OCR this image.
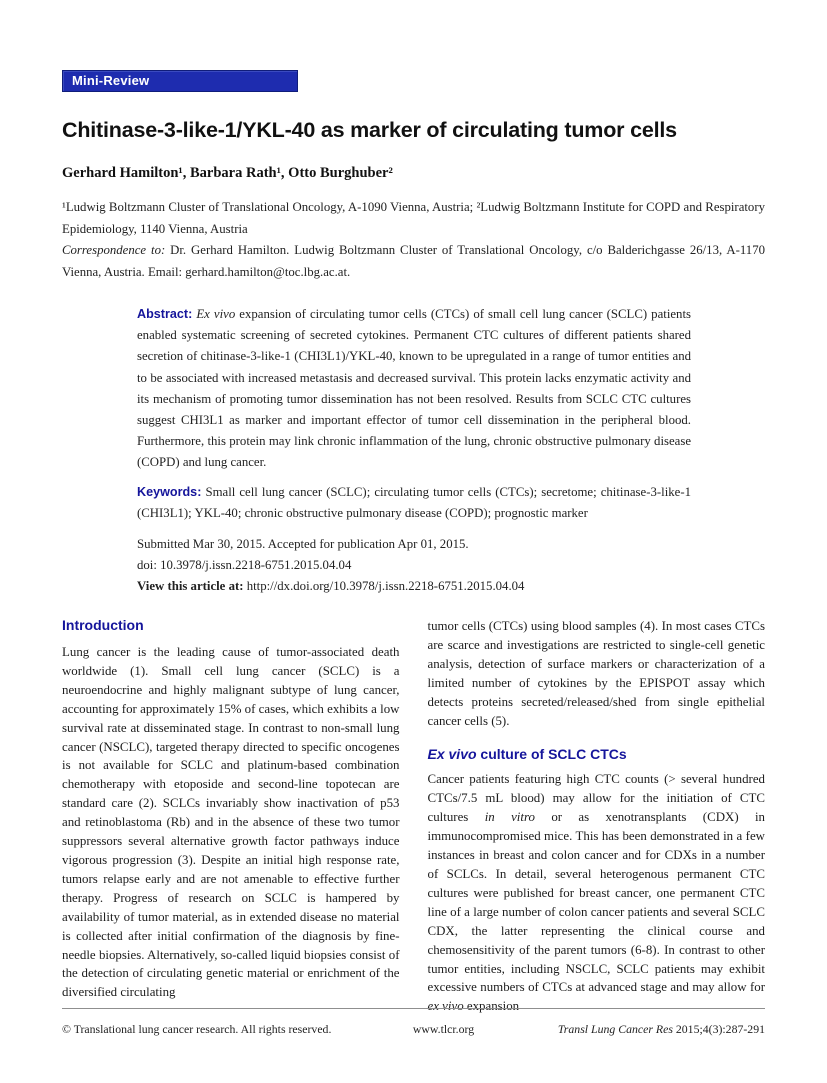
Mini-Review
Chitinase-3-like-1/YKL-40 as marker of circulating tumor cells
Gerhard Hamilton¹, Barbara Rath¹, Otto Burghuber²
¹Ludwig Boltzmann Cluster of Translational Oncology, A-1090 Vienna, Austria; ²Ludwig Boltzmann Institute for COPD and Respiratory Epidemiology, 1140 Vienna, Austria
Correspondence to: Dr. Gerhard Hamilton. Ludwig Boltzmann Cluster of Translational Oncology, c/o Balderichgasse 26/13, A-1170 Vienna, Austria. Email: gerhard.hamilton@toc.lbg.ac.at.

Abstract: Ex vivo expansion of circulating tumor cells (CTCs) of small cell lung cancer (SCLC) patients enabled systematic screening of secreted cytokines. Permanent CTC cultures of different patients shared secretion of chitinase-3-like-1 (CHI3L1)/YKL-40, known to be upregulated in a range of tumor entities and to be associated with increased metastasis and decreased survival. This protein lacks enzymatic activity and its mechanism of promoting tumor dissemination has not been resolved. Results from SCLC CTC cultures suggest CHI3L1 as marker and important effector of tumor cell dissemination in the peripheral blood. Furthermore, this protein may link chronic inflammation of the lung, chronic obstructive pulmonary disease (COPD) and lung cancer.

Keywords: Small cell lung cancer (SCLC); circulating tumor cells (CTCs); secretome; chitinase-3-like-1 (CHI3L1); YKL-40; chronic obstructive pulmonary disease (COPD); prognostic marker

Submitted Mar 30, 2015. Accepted for publication Apr 01, 2015.
doi: 10.3978/j.issn.2218-6751.2015.04.04
View this article at: http://dx.doi.org/10.3978/j.issn.2218-6751.2015.04.04
Introduction

Lung cancer is the leading cause of tumor-associated death worldwide (1). Small cell lung cancer (SCLC) is a neuroendocrine and highly malignant subtype of lung cancer, accounting for approximately 15% of cases, which exhibits a low survival rate at disseminated stage. In contrast to non-small lung cancer (NSCLC), targeted therapy directed to specific oncogenes is not available for SCLC and platinum-based combination chemotherapy with etoposide and second-line topotecan are standard care (2). SCLCs invariably show inactivation of p53 and retinoblastoma (Rb) and in the absence of these two tumor suppressors several alternative growth factor pathways induce vigorous progression (3). Despite an initial high response rate, tumors relapse early and are not amenable to effective further therapy. Progress of research on SCLC is hampered by availability of tumor material, as in extended disease no material is collected after initial confirmation of the diagnosis by fine-needle biopsies. Alternatively, so-called liquid biopsies consist of the detection of circulating genetic material or enrichment of the diversified circulating

tumor cells (CTCs) using blood samples (4). In most cases CTCs are scarce and investigations are restricted to single-cell genetic analysis, detection of surface markers or characterization of a limited number of cytokines by the EPISPOT assay which detects proteins secreted/released/shed from single epithelial cancer cells (5).

Ex vivo culture of SCLC CTCs

Cancer patients featuring high CTC counts (> several hundred CTCs/7.5 mL blood) may allow for the initiation of CTC cultures in vitro or as xenotransplants (CDX) in immunocompromised mice. This has been demonstrated in a few instances in breast and colon cancer and for CDXs in a number of SCLCs. In detail, several heterogenous permanent CTC cultures were published for breast cancer, one permanent CTC line of a large number of colon cancer patients and several SCLC CDX, the latter representing the clinical course and chemosensitivity of the parent tumors (6-8). In contrast to other tumor entities, including NSCLC, SCLC patients may exhibit excessive numbers of CTCs at advanced stage and may allow for ex vivo expansion

© Translational lung cancer research. All rights reserved.	www.tlcr.org	Transl Lung Cancer Res 2015;4(3):287-291
